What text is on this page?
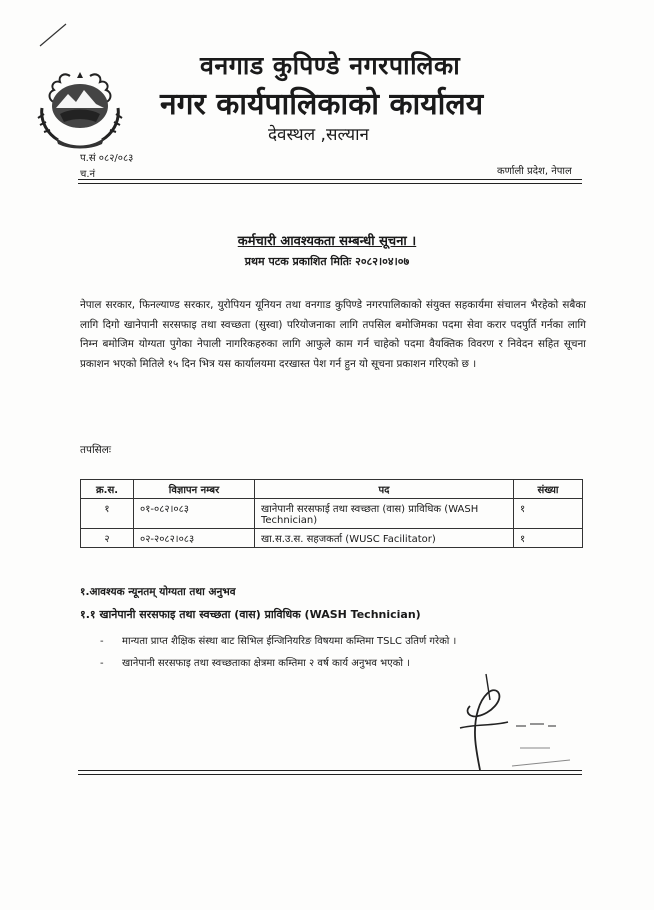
वनगाड कुपिण्डे नगरपालिका
नगर कार्यपालिकाको कार्यालय
देवस्थल ,सल्यान
प.सं ०८२/०८३
च.नं	कर्णाली प्रदेश, नेपाल
कर्मचारी आवश्यकता सम्बन्धी सूचना ।
प्रथम पटक प्रकाशित मितिः २०८२।०४।०७
नेपाल सरकार, फिनल्याण्ड सरकार, युरोपियन यूनियन तथा वनगाड कुपिण्डे नगरपालिकाको संयुक्त सहकार्यमा संचालन भैरहेको सबैका लागि दिगो खानेपानी सरसफाइ तथा स्वच्छता (सुस्वा) परियोजनाका लागि तपसिल बमोजिमका पदमा सेवा करार पदपुर्ति गर्नका लागि निम्न बमोजिम योग्यता पुगेका नेपाली नागरिकहरुका लागि आफुले काम गर्न चाहेको पदमा वैयक्तिक विवरण र निवेदन सहित सूचना प्रकाशन भएको मितिले १५ दिन भित्र यस कार्यालयमा दरखास्त पेश गर्न हुन यो सूचना प्रकाशन गरिएको छ ।
तपसिलः
क्र.स.	विज्ञापन नम्बर	पद	संख्या
१	०१-०८२।०८३	खानेपानी सरसफाई तथा स्वच्छता (वास) प्राविधिक (WASH Technician)	१
२	०२-२०८२।०८३	खा.स.उ.स. सहजकर्ता (WUSC Facilitator)	१
१.आवश्यक न्यूनतम् योग्यता तथा अनुभव
१.१ खानेपानी सरसफाइ तथा स्वच्छता (वास) प्राविधिक (WASH Technician)
- मान्यता प्राप्त शैक्षिक संस्था बाट सिभिल ईन्जिनियरिङ विषयमा कम्तिमा TSLC उतिर्ण गरेको ।
- खानेपानी सरसफाइ तथा स्वच्छताका क्षेत्रमा कम्तिमा २ वर्ष कार्य अनुभव भएको ।
